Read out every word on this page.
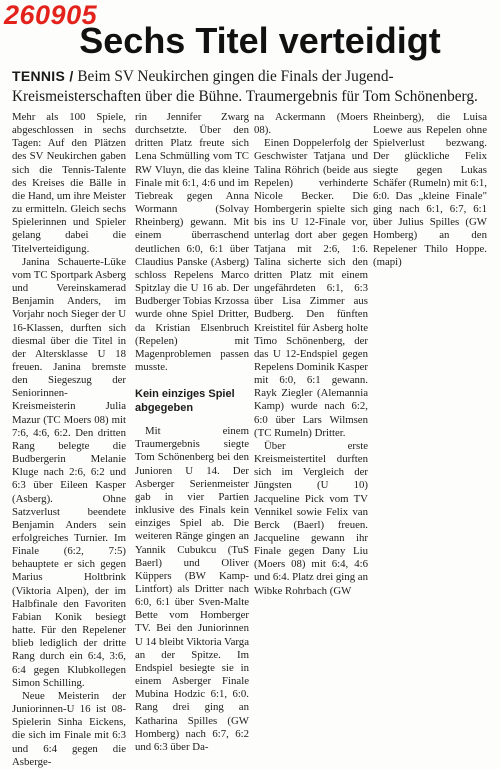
260905
Sechs Titel verteidigt
TENNIS / Beim SV Neukirchen gingen die Finals der Jugend-Kreismeisterschaften über die Bühne. Traumergebnis für Tom Schönenberg.

Mehr als 100 Spiele, abgeschlossen in sechs Tagen: Auf den Plätzen des SV Neukirchen gaben sich die Tennis-Talente des Kreises die Bälle in die Hand, um ihre Meister zu ermitteln. Gleich sechs Spielerinnen und Spieler gelang dabei die Titelverteidigung.

Janina Schauerte-Lüke vom TC Sportpark Asberg und Vereinskamerad Benjamin Anders, im Vorjahr noch Sieger der U 16-Klassen, durften sich diesmal über die Titel in der Altersklasse U 18 freuen. Janina bremste den Siegeszug der Seniorinnen-Kreismeisterin Julia Mazur (TC Moers 08) mit 7:6, 4:6, 6:2. Den dritten Rang belegte die Budbergerin Melanie Kluge nach 2:6, 6:2 und 6:3 über Eileen Kasper (Asberg). Ohne Satzverlust beendete Benjamin Anders sein erfolgreiches Turnier. Im Finale (6:2, 7:5) behauptete er sich gegen Marius Holtbrink (Viktoria Alpen), der im Halbfinale den Favoriten Fabian Konik besiegt hatte. Für den Repelener blieb lediglich der dritte Rang durch ein 6:4, 3:6, 6:4 gegen Klubkollegen Simon Schilling.

Neue Meisterin der Juniorinnen-U 16 ist 08-Spielerin Sinha Eickens, die sich im Finale mit 6:3 und 6:4 gegen die Asberge-

rin Jennifer Zwarg durchsetzte. Über den dritten Platz freute sich Lena Schmülling vom TC RW Vluyn, die das kleine Finale mit 6:1, 4:6 und im Tiebreak gegen Anna Wormann (Solvay Rheinberg) gewann. Mit einem überraschend deutlichen 6:0, 6:1 über Claudius Panske (Asberg) schloss Repelens Marco Spitzlay die U 16 ab. Der Budberger Tobias Krzossa wurde ohne Spiel Dritter, da Kristian Elsenbruch (Repelen) mit Magenproblemen passen musste.

Kein einziges Spiel abgegeben

Mit einem Traumergebnis siegte Tom Schönenberg bei den Junioren U 14. Der Asberger Serienmeister gab in vier Partien inklusive des Finals kein einziges Spiel ab. Die weiteren Ränge gingen an Yannik Cubukcu (TuS Baerl) und Oliver Küppers (BW Kamp-Lintfort) als Dritter nach 6:0, 6:1 über Sven-Malte Bette vom Homberger TV. Bei den Juniorinnen U 14 bleibt Viktoria Varga an der Spitze. Im Endspiel besiegte sie in einem Asberger Finale Mubina Hodzic 6:1, 6:0. Rang drei ging an Katharina Spilles (GW Homberg) nach 6:7, 6:2 und 6:3 über Da-

na Ackermann (Moers 08).

Einen Doppelerfolg der Geschwister Tatjana und Talina Röhrich (beide aus Repelen) verhinderte Nicole Becker. Die Hombergerin spielte sich bis ins U 12-Finale vor, unterlag dort aber gegen Tatjana mit 2:6, 1:6. Talina sicherte sich den dritten Platz mit einem ungefährdeten 6:1, 6:3 über Lisa Zimmer aus Budberg. Den fünften Kreistitel für Asberg holte Timo Schönenberg, der das U 12-Endspiel gegen Repelens Dominik Kasper mit 6:0, 6:1 gewann. Rayk Ziegler (Alemannia Kamp) wurde nach 6:2, 6:0 über Lars Wilmsen (TC Rumeln) Dritter.

Über erste Kreismeistertitel durften sich im Vergleich der Jüngsten (U 10) Jacqueline Pick vom TV Vennikel sowie Felix van Berck (Baerl) freuen. Jacqueline gewann ihr Finale gegen Dany Liu (Moers 08) mit 6:4, 4:6 und 6:4. Platz drei ging an Wibke Rohrbach (GW

Rheinberg), die Luisa Loewe aus Repelen ohne Spielverlust bezwang. Der glückliche Felix siegte gegen Lukas Schäfer (Rumeln) mit 6:1, 6:0. Das „kleine Finale" ging nach 6:1, 6:7, 6:1 über Julius Spilles (GW Homberg) an den Repelener Thilo Hoppe. (mapi)
